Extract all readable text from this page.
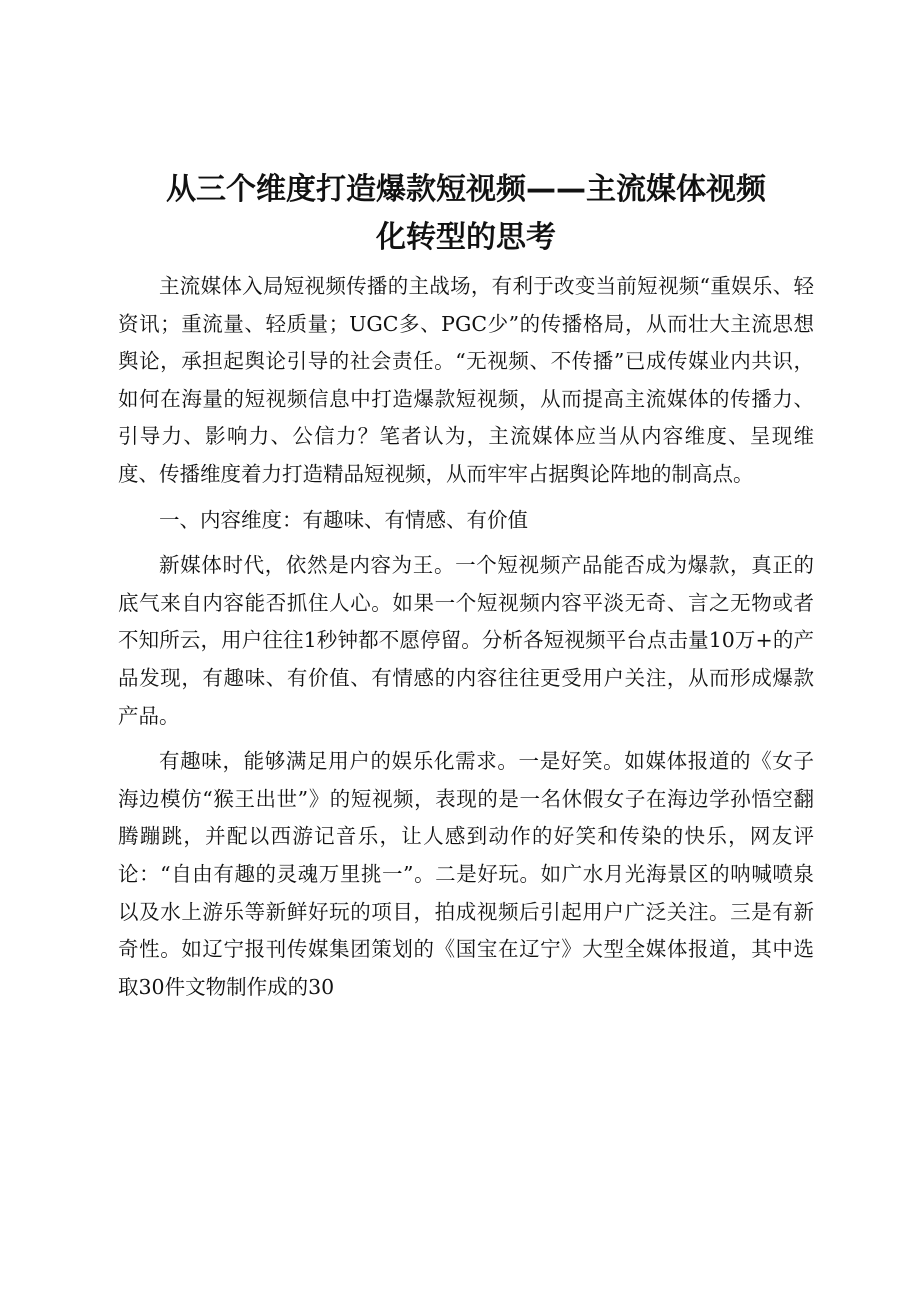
从三个维度打造爆款短视频——主流媒体视频
化转型的思考

主流媒体入局短视频传播的主战场，有利于改变当前短视频“重娱乐、轻资讯；重流量、轻质量；UGC多、PGC少”的传播格局，从而壮大主流思想舆论，承担起舆论引导的社会责任。“无视频、不传播”已成传媒业内共识，如何在海量的短视频信息中打造爆款短视频，从而提高主流媒体的传播力、引导力、影响力、公信力？笔者认为，主流媒体应当从内容维度、呈现维度、传播维度着力打造精品短视频，从而牢牢占据舆论阵地的制高点。

一、内容维度：有趣味、有情感、有价值

新媒体时代，依然是内容为王。一个短视频产品能否成为爆款，真正的底气来自内容能否抓住人心。如果一个短视频内容平淡无奇、言之无物或者不知所云，用户往往1秒钟都不愿停留。分析各短视频平台点击量10万+的产品发现，有趣味、有价值、有情感的内容往往更受用户关注，从而形成爆款产品。

有趣味，能够满足用户的娱乐化需求。一是好笑。如媒体报道的《女子海边模仿“猴王出世”》的短视频，表现的是一名休假女子在海边学孙悟空翻腾蹦跳，并配以西游记音乐，让人感到动作的好笑和传染的快乐，网友评论：“自由有趣的灵魂万里挑一”。二是好玩。如广水月光海景区的呐喊喷泉以及水上游乐等新鲜好玩的项目，拍成视频后引起用户广泛关注。三是有新奇性。如辽宁报刊传媒集团策划的《国宝在辽宁》大型全媒体报道，其中选取30件文物制作成的30
